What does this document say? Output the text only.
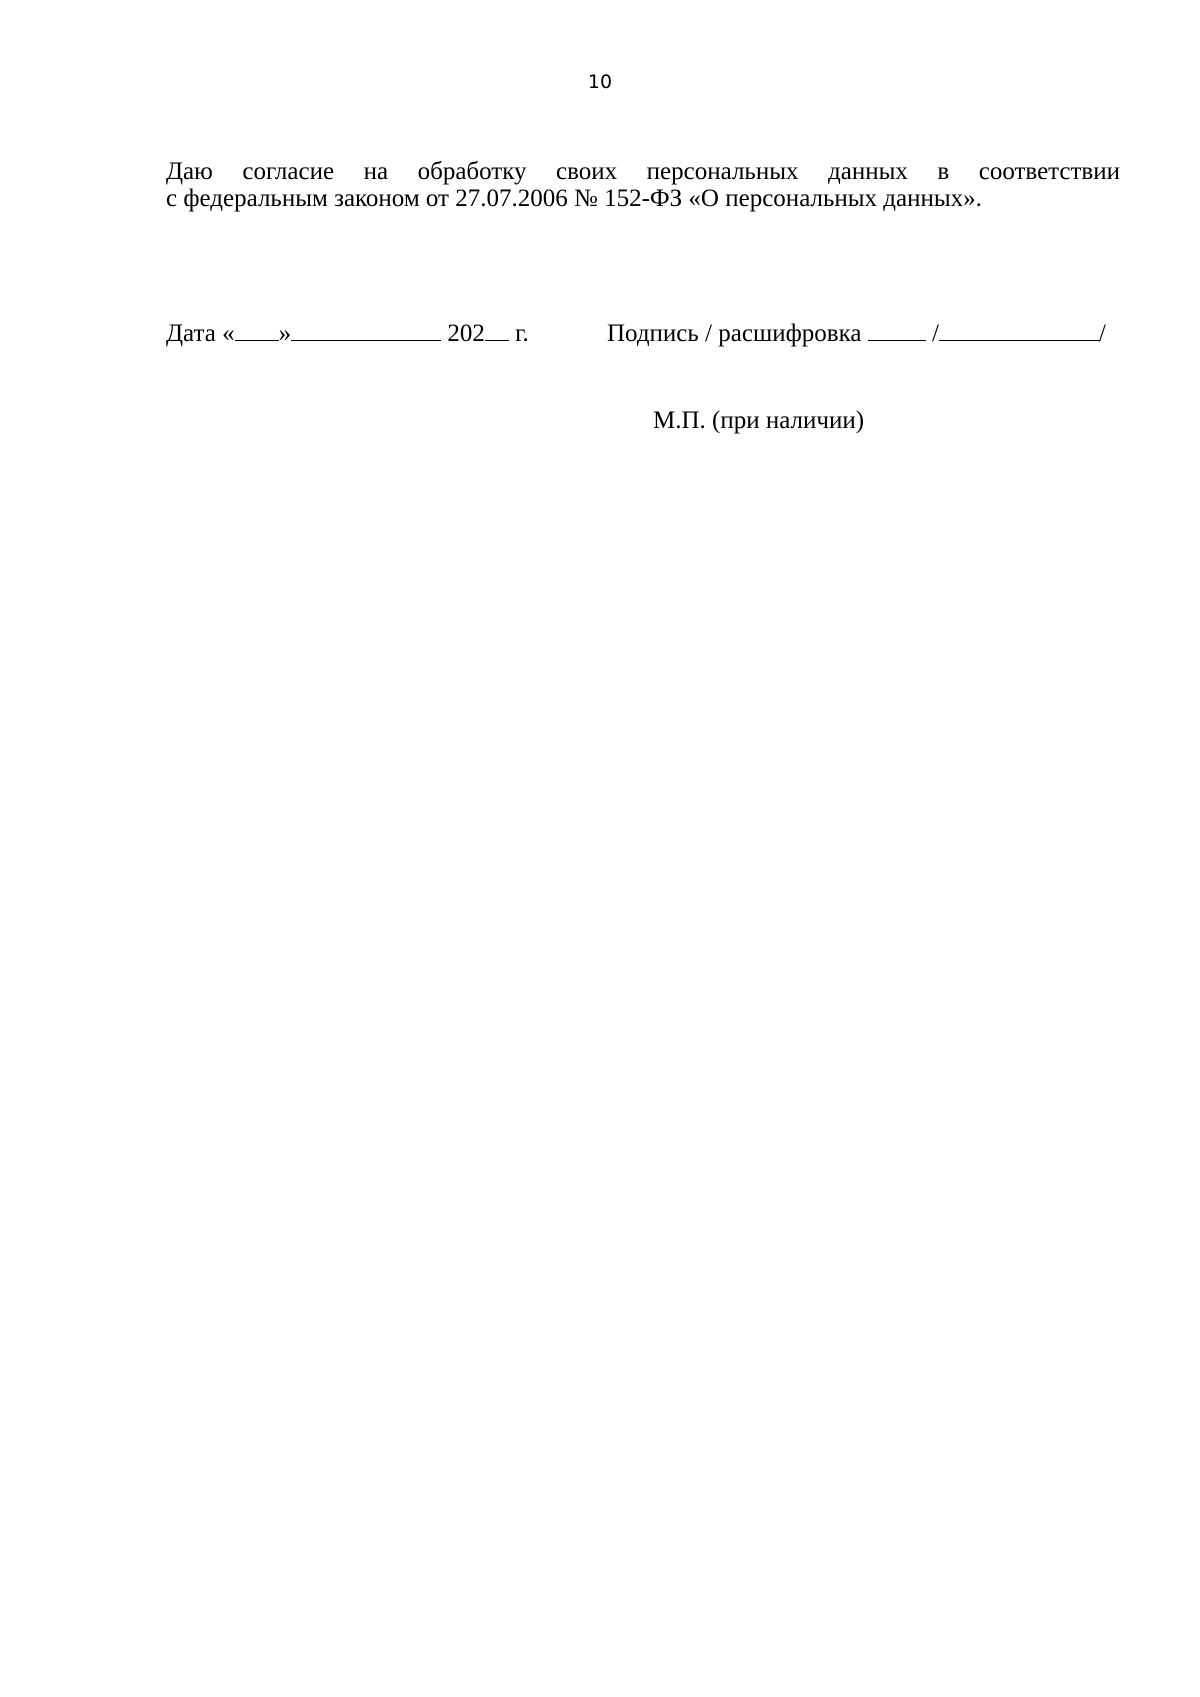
10
Даю согласие на обработку своих персональных данных в соответствии
с федеральным законом от 27.07.2006 № 152-ФЗ «О персональных данных».
Дата « »	202 г.	Подпись / расшифровка	/	/
М.П. (при наличии)
